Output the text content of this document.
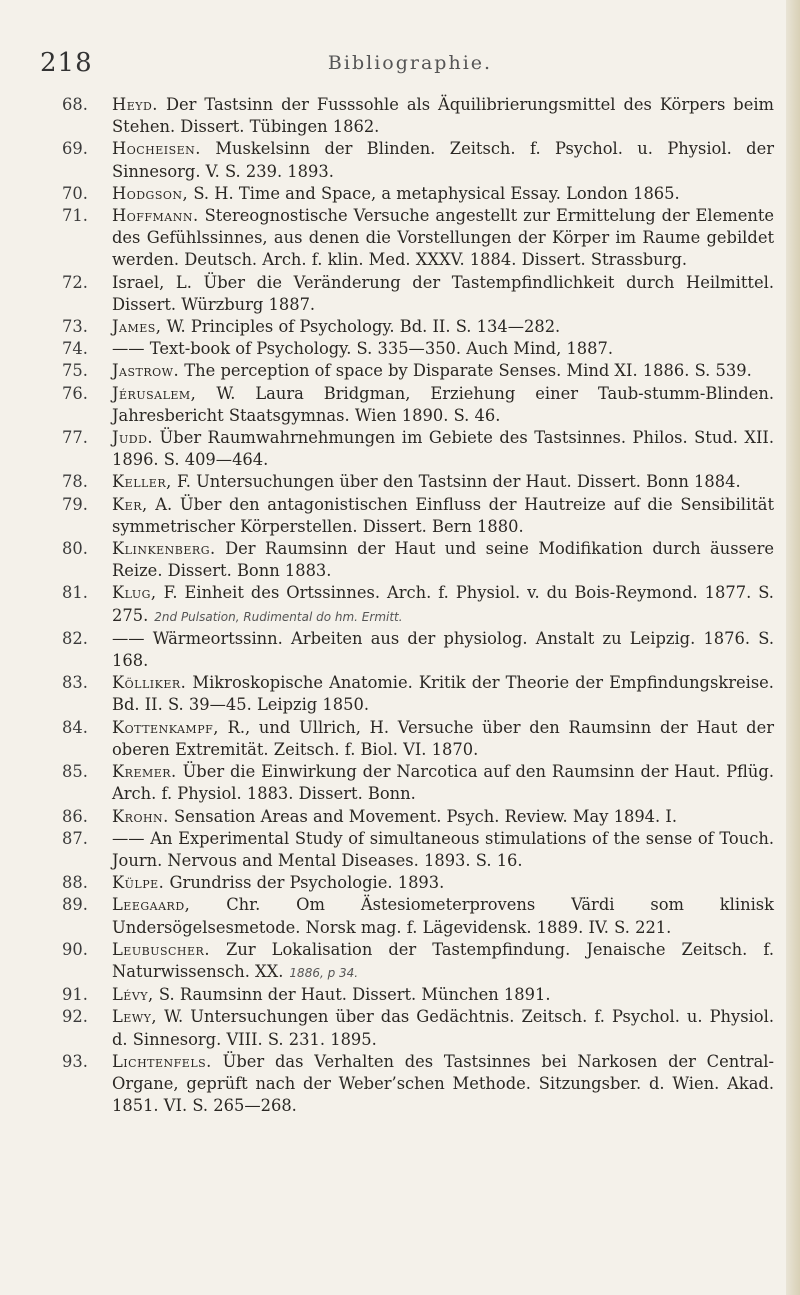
Bibliographie.
218
68.	Heyd. Der Tastsinn der Fusssohle als Äquilibrierungsmittel des Körpers beim Stehen. Dissert. Tübingen 1862.
69.	Hocheisen. Muskelsinn der Blinden. Zeitsch. f. Psychol. u. Physiol. der Sinnesorg. V. S. 239. 1893.
70.	Hodgson, S. H. Time and Space, a metaphysical Essay. London 1865.
71.	Hoffmann. Stereognostische Versuche angestellt zur Ermittelung der Elemente des Gefühlssinnes, aus denen die Vorstellungen der Körper im Raume gebildet werden. Deutsch. Arch. f. klin. Med. XXXV. 1884. Dissert. Strassburg.
72.	Israel, L. Über die Veränderung der Tastempfindlichkeit durch Heilmittel. Dissert. Würzburg 1887.
73.	James, W. Principles of Psychology. Bd. II. S. 134—282.
74.	—— Text-book of Psychology. S. 335—350. Auch Mind, 1887.
75.	Jastrow. The perception of space by Disparate Senses. Mind XI. 1886. S. 539.
76.	Jérusalem, W. Laura Bridgman, Erziehung einer Taub-stumm-Blinden. Jahresbericht Staatsgymnas. Wien 1890. S. 46.
77.	Judd. Über Raumwahrnehmungen im Gebiete des Tastsinnes. Philos. Stud. XII. 1896. S. 409—464.
78.	Keller, F. Untersuchungen über den Tastsinn der Haut. Dissert. Bonn 1884.
79.	Ker, A. Über den antagonistischen Einfluss der Hautreize auf die Sensibilität symmetrischer Körperstellen. Dissert. Bern 1880.
80.	Klinkenberg. Der Raumsinn der Haut und seine Modifikation durch äussere Reize. Dissert. Bonn 1883.
81.	Klug, F. Einheit des Ortssinnes. Arch. f. Physiol. v. du Bois-Reymond. 1877. S. 275. 2nd Pulsation, Rudimental do hm. Ermitt.
82.	—— Wärmeortssinn. Arbeiten aus der physiolog. Anstalt zu Leipzig. 1876. S. 168.
83.	Kölliker. Mikroskopische Anatomie. Kritik der Theorie der Empfindungskreise. Bd. II. S. 39—45. Leipzig 1850.
84.	Kottenkampf, R., und Ullrich, H. Versuche über den Raumsinn der Haut der oberen Extremität. Zeitsch. f. Biol. VI. 1870.
85.	Kremer. Über die Einwirkung der Narcotica auf den Raumsinn der Haut. Pflüg. Arch. f. Physiol. 1883. Dissert. Bonn.
86.	Krohn. Sensation Areas and Movement. Psych. Review. May 1894. I.
87.	—— An Experimental Study of simultaneous stimulations of the sense of Touch. Journ. Nervous and Mental Diseases. 1893. S. 16.
88.	Külpe. Grundriss der Psychologie. 1893.
89.	Leegaard, Chr. Om Ästesiometerprovens Värdi som klinisk Undersögelsesmetode. Norsk mag. f. Lägevidensk. 1889. IV. S. 221.
90.	Leubuscher. Zur Lokalisation der Tastempfindung. Jenaische Zeitsch. f. Naturwissensch. XX. 1886, p 34.
91.	Lévy, S. Raumsinn der Haut. Dissert. München 1891.
92.	Lewy, W. Untersuchungen über das Gedächtnis. Zeitsch. f. Psychol. u. Physiol. d. Sinnesorg. VIII. S. 231. 1895.
93.	Lichtenfels. Über das Verhalten des Tastsinnes bei Narkosen der Central-Organe, geprüft nach der Weber’schen Methode. Sitzungsber. d. Wien. Akad. 1851. VI. S. 265—268.
